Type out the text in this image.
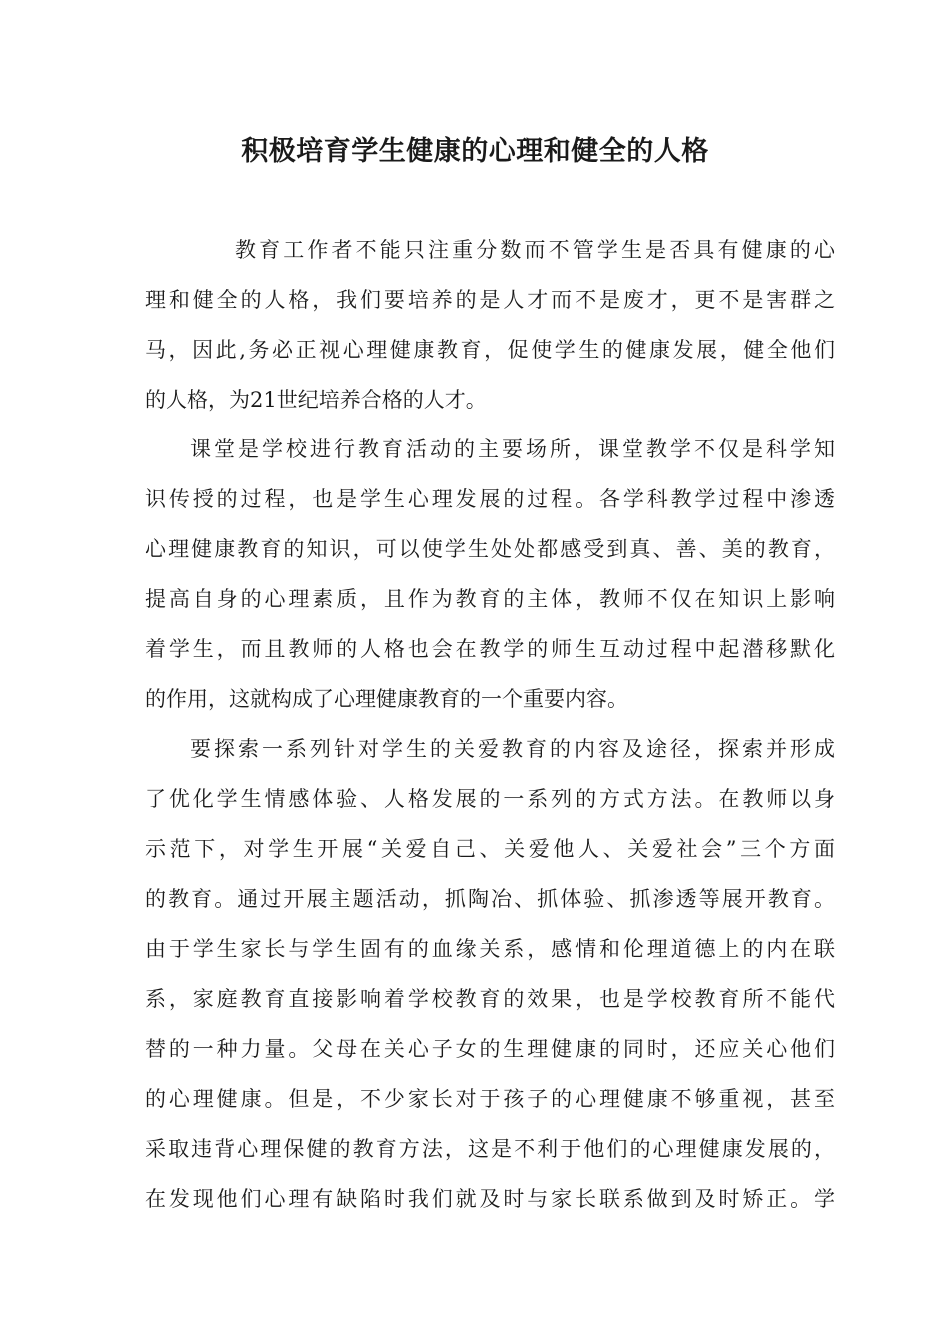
积极培育学生健康的心理和健全的人格
教育工作者不能只注重分数而不管学生是否具有健康的心
理和健全的人格，我们要培养的是人才而不是废才，更不是害群之
马，因此,务必正视心理健康教育，促使学生的健康发展，健全他们
的人格，为21世纪培养合格的人才。
课堂是学校进行教育活动的主要场所，课堂教学不仅是科学知
识传授的过程，也是学生心理发展的过程。各学科教学过程中渗透
心理健康教育的知识，可以使学生处处都感受到真、善、美的教育，
提高自身的心理素质，且作为教育的主体，教师不仅在知识上影响
着学生，而且教师的人格也会在教学的师生互动过程中起潜移默化
的作用，这就构成了心理健康教育的一个重要内容。
要探索一系列针对学生的关爱教育的内容及途径，探索并形成
了优化学生情感体验、人格发展的一系列的方式方法。在教师以身
示范下，对学生开展“关爱自己、关爱他人、关爱社会”三个方面
的教育。通过开展主题活动，抓陶冶、抓体验、抓渗透等展开教育。
由于学生家长与学生固有的血缘关系，感情和伦理道德上的内在联
系，家庭教育直接影响着学校教育的效果，也是学校教育所不能代
替的一种力量。父母在关心子女的生理健康的同时，还应关心他们
的心理健康。但是，不少家长对于孩子的心理健康不够重视，甚至
采取违背心理保健的教育方法，这是不利于他们的心理健康发展的，
在发现他们心理有缺陷时我们就及时与家长联系做到及时矫正。学
